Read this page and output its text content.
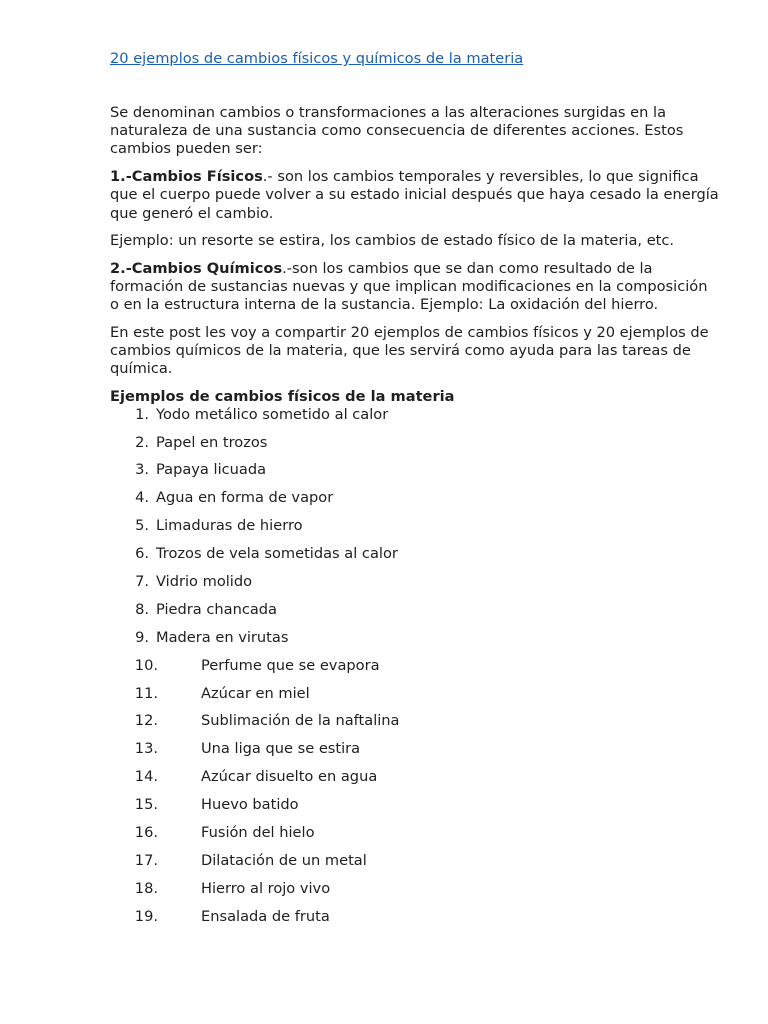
20 ejemplos de cambios físicos y químicos de la materia

Se denominan cambios o transformaciones a las alteraciones surgidas en la naturaleza de una sustancia como consecuencia de diferentes acciones. Estos cambios pueden ser:

1.-Cambios Físicos.- son los cambios temporales y reversibles, lo que significa que el cuerpo puede volver a su estado inicial después que haya cesado la energía que generó el cambio.

Ejemplo: un resorte se estira, los cambios de estado físico de la materia, etc.

2.-Cambios Químicos.-son los cambios que se dan como resultado de la formación de sustancias nuevas y que implican modificaciones en la composición o en la estructura interna de la sustancia. Ejemplo: La oxidación del hierro.

En este post les voy a compartir 20 ejemplos de cambios físicos y 20 ejemplos de cambios químicos de la materia, que les servirá como ayuda para las tareas de química.

Ejemplos de cambios físicos de la materia

1. Yodo metálico sometido al calor
2. Papel en trozos
3. Papaya licuada
4. Agua en forma de vapor
5. Limaduras de hierro
6. Trozos de vela sometidas al calor
7. Vidrio molido
8. Piedra chancada
9. Madera en virutas
10.	Perfume que se evapora
11.	Azúcar en miel
12.	Sublimación de la naftalina
13.	Una liga que se estira
14.	Azúcar disuelto en agua
15.	Huevo batido
16.	Fusión del hielo
17.	Dilatación de un metal
18.	Hierro al rojo vivo
19.	Ensalada de fruta
